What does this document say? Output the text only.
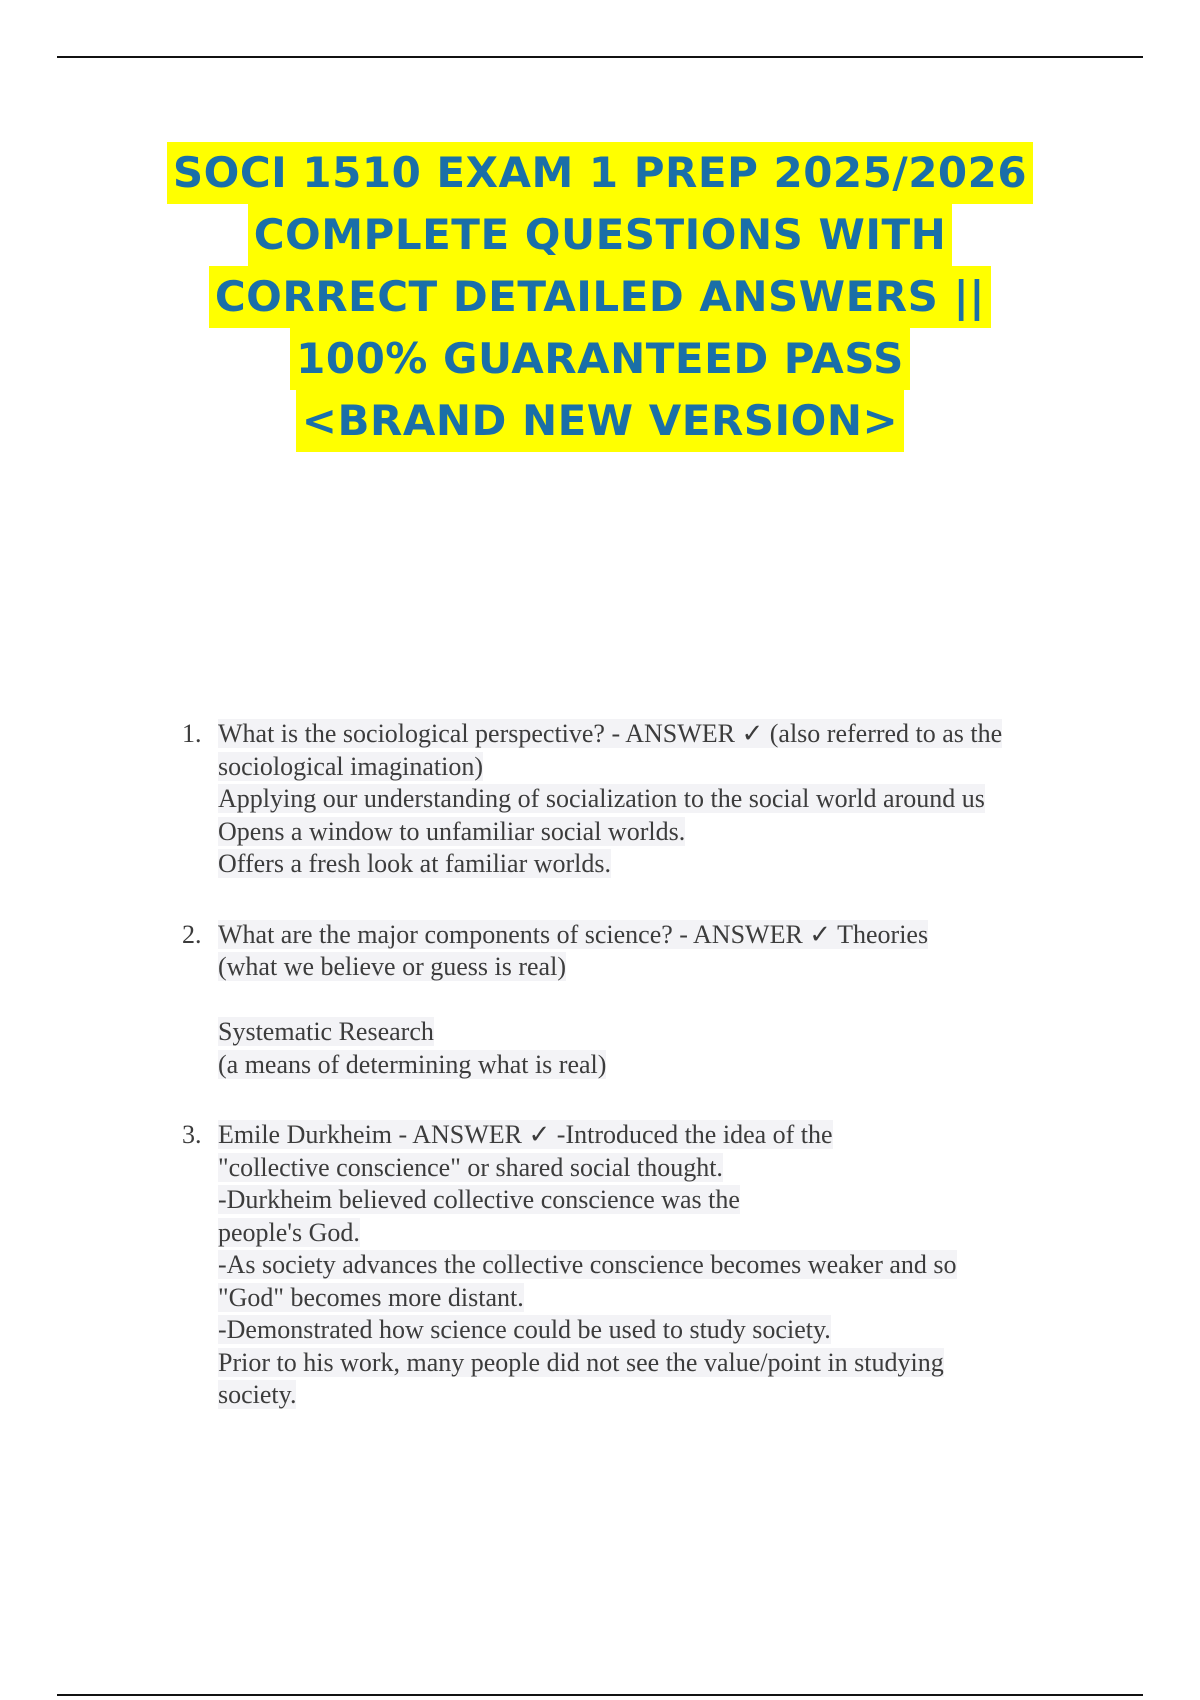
SOCI 1510 EXAM 1 PREP 2025/2026
COMPLETE QUESTIONS WITH
CORRECT DETAILED ANSWERS ||
100% GUARANTEED PASS
<BRAND NEW VERSION>
1. What is the sociological perspective? - ANSWER ✓ (also referred to as the
sociological imagination)
Applying our understanding of socialization to the social world around us
Opens a window to unfamiliar social worlds.
Offers a fresh look at familiar worlds.
2. What are the major components of science? - ANSWER ✓ Theories
(what we believe or guess is real)
Systematic Research
(a means of determining what is real)
3. Emile Durkheim - ANSWER ✓ -Introduced the idea of the
"collective conscience" or shared social thought.
-Durkheim believed collective conscience was the
people's God.
-As society advances the collective conscience becomes weaker and so
"God" becomes more distant.
-Demonstrated how science could be used to study society.
Prior to his work, many people did not see the value/point in studying
society.
